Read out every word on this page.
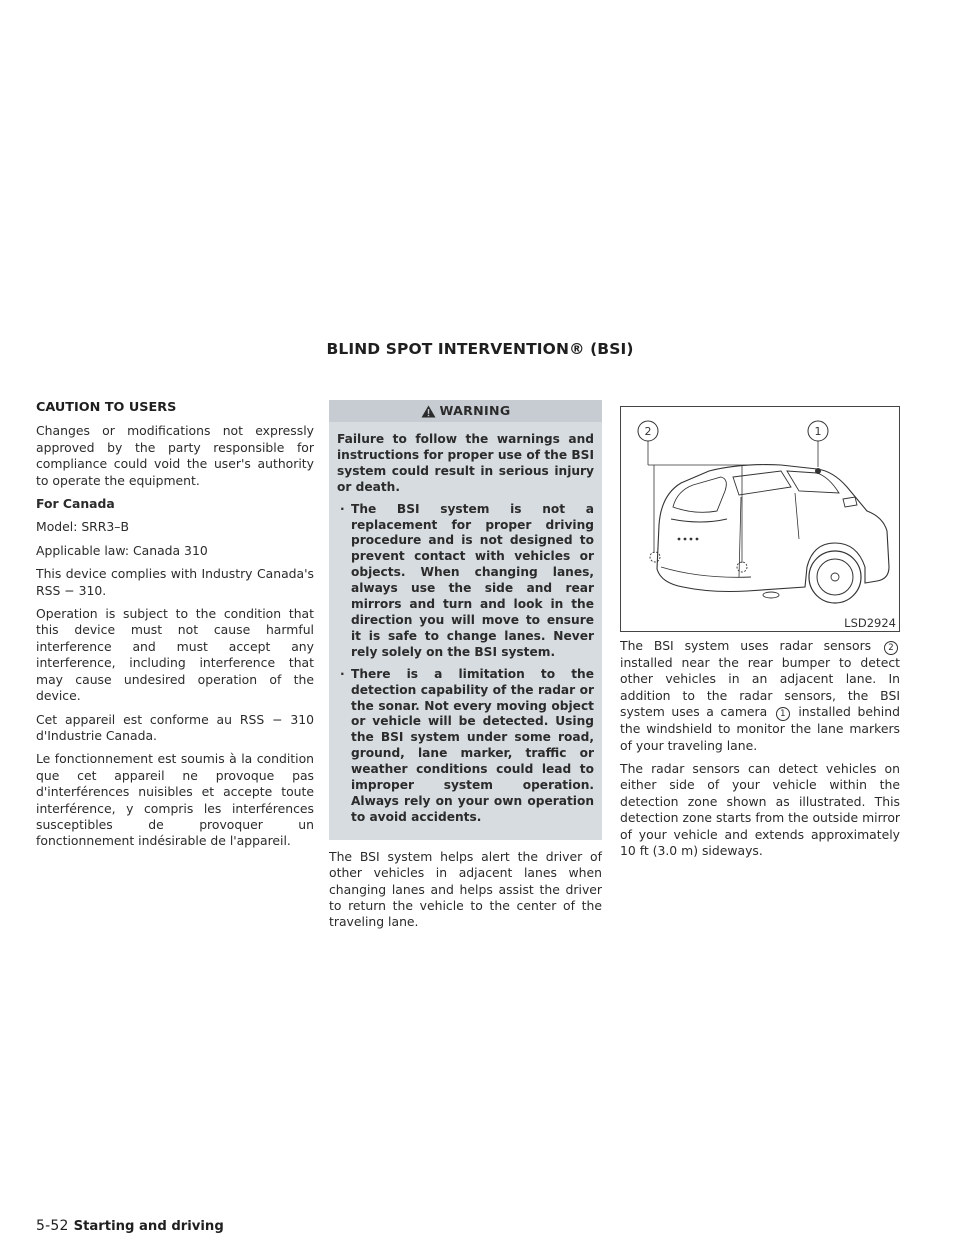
BLIND SPOT INTERVENTION® (BSI)
CAUTION TO USERS

Changes or modifications not expressly approved by the party responsible for compliance could void the user's authority to operate the equipment.

For Canada

Model: SRR3–B

Applicable law: Canada 310

This device complies with Industry Canada's RSS − 310.

Operation is subject to the condition that this device must not cause harmful interference and must accept any interference, including interference that may cause undesired operation of the device.

Cet appareil est conforme au RSS − 310 d'Industrie Canada.

Le fonctionnement est soumis à la condition que cet appareil ne provoque pas d'interférences nuisibles et accepte toute interférence, y compris les interférences susceptibles de provoquer un fonctionnement indésirable de l'appareil.

WARNING
Failure to follow the warnings and instructions for proper use of the BSI system could result in serious injury or death.
· The BSI system is not a replacement for proper driving procedure and is not designed to prevent contact with vehicles or objects. When changing lanes, always use the side and rear mirrors and turn and look in the direction you will move to ensure it is safe to change lanes. Never rely solely on the BSI system.
· There is a limitation to the detection capability of the radar or the sonar. Not every moving object or vehicle will be detected. Using the BSI system under some road, ground, lane marker, traffic or weather conditions could lead to improper system operation. Always rely on your own operation to avoid accidents.

The BSI system helps alert the driver of other vehicles in adjacent lanes when changing lanes and helps assist the driver to return the vehicle to the center of the traveling lane.

2	1
LSD2924

The BSI system uses radar sensors 2 installed near the rear bumper to detect other vehicles in an adjacent lane. In addition to the radar sensors, the BSI system uses a camera 1 installed behind the windshield to monitor the lane markers of your traveling lane.

The radar sensors can detect vehicles on either side of your vehicle within the detection zone shown as illustrated. This detection zone starts from the outside mirror of your vehicle and extends approximately 10 ft (3.0 m) sideways.

5-52 Starting and driving
